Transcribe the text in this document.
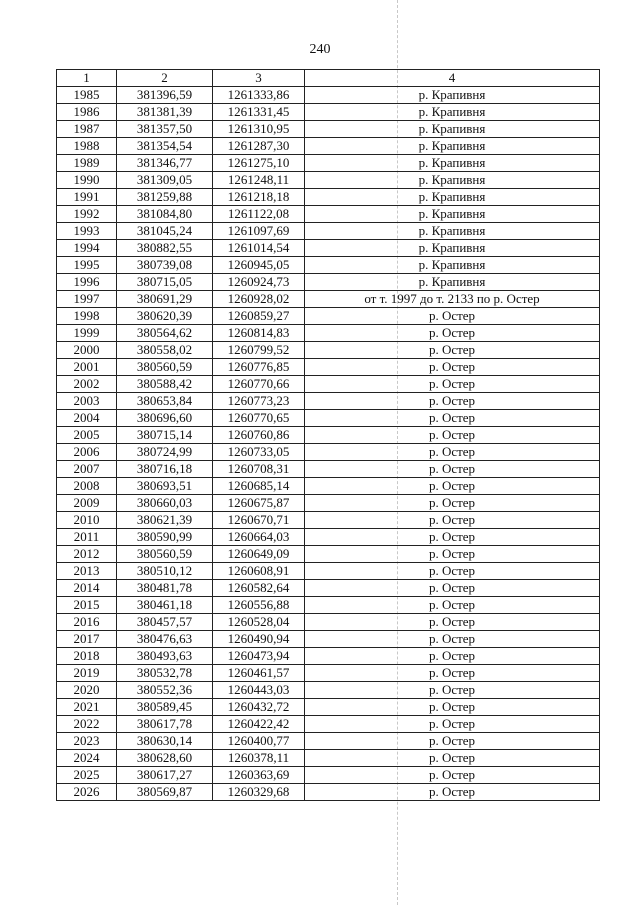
240
1	2	3	4
1985	381396,59	1261333,86	р. Крапивня
1986	381381,39	1261331,45	р. Крапивня
1987	381357,50	1261310,95	р. Крапивня
1988	381354,54	1261287,30	р. Крапивня
1989	381346,77	1261275,10	р. Крапивня
1990	381309,05	1261248,11	р. Крапивня
1991	381259,88	1261218,18	р. Крапивня
1992	381084,80	1261122,08	р. Крапивня
1993	381045,24	1261097,69	р. Крапивня
1994	380882,55	1261014,54	р. Крапивня
1995	380739,08	1260945,05	р. Крапивня
1996	380715,05	1260924,73	р. Крапивня
1997	380691,29	1260928,02	от т. 1997 до т. 2133 по р. Остер
1998	380620,39	1260859,27	р. Остер
1999	380564,62	1260814,83	р. Остер
2000	380558,02	1260799,52	р. Остер
2001	380560,59	1260776,85	р. Остер
2002	380588,42	1260770,66	р. Остер
2003	380653,84	1260773,23	р. Остер
2004	380696,60	1260770,65	р. Остер
2005	380715,14	1260760,86	р. Остер
2006	380724,99	1260733,05	р. Остер
2007	380716,18	1260708,31	р. Остер
2008	380693,51	1260685,14	р. Остер
2009	380660,03	1260675,87	р. Остер
2010	380621,39	1260670,71	р. Остер
2011	380590,99	1260664,03	р. Остер
2012	380560,59	1260649,09	р. Остер
2013	380510,12	1260608,91	р. Остер
2014	380481,78	1260582,64	р. Остер
2015	380461,18	1260556,88	р. Остер
2016	380457,57	1260528,04	р. Остер
2017	380476,63	1260490,94	р. Остер
2018	380493,63	1260473,94	р. Остер
2019	380532,78	1260461,57	р. Остер
2020	380552,36	1260443,03	р. Остер
2021	380589,45	1260432,72	р. Остер
2022	380617,78	1260422,42	р. Остер
2023	380630,14	1260400,77	р. Остер
2024	380628,60	1260378,11	р. Остер
2025	380617,27	1260363,69	р. Остер
2026	380569,87	1260329,68	р. Остер
